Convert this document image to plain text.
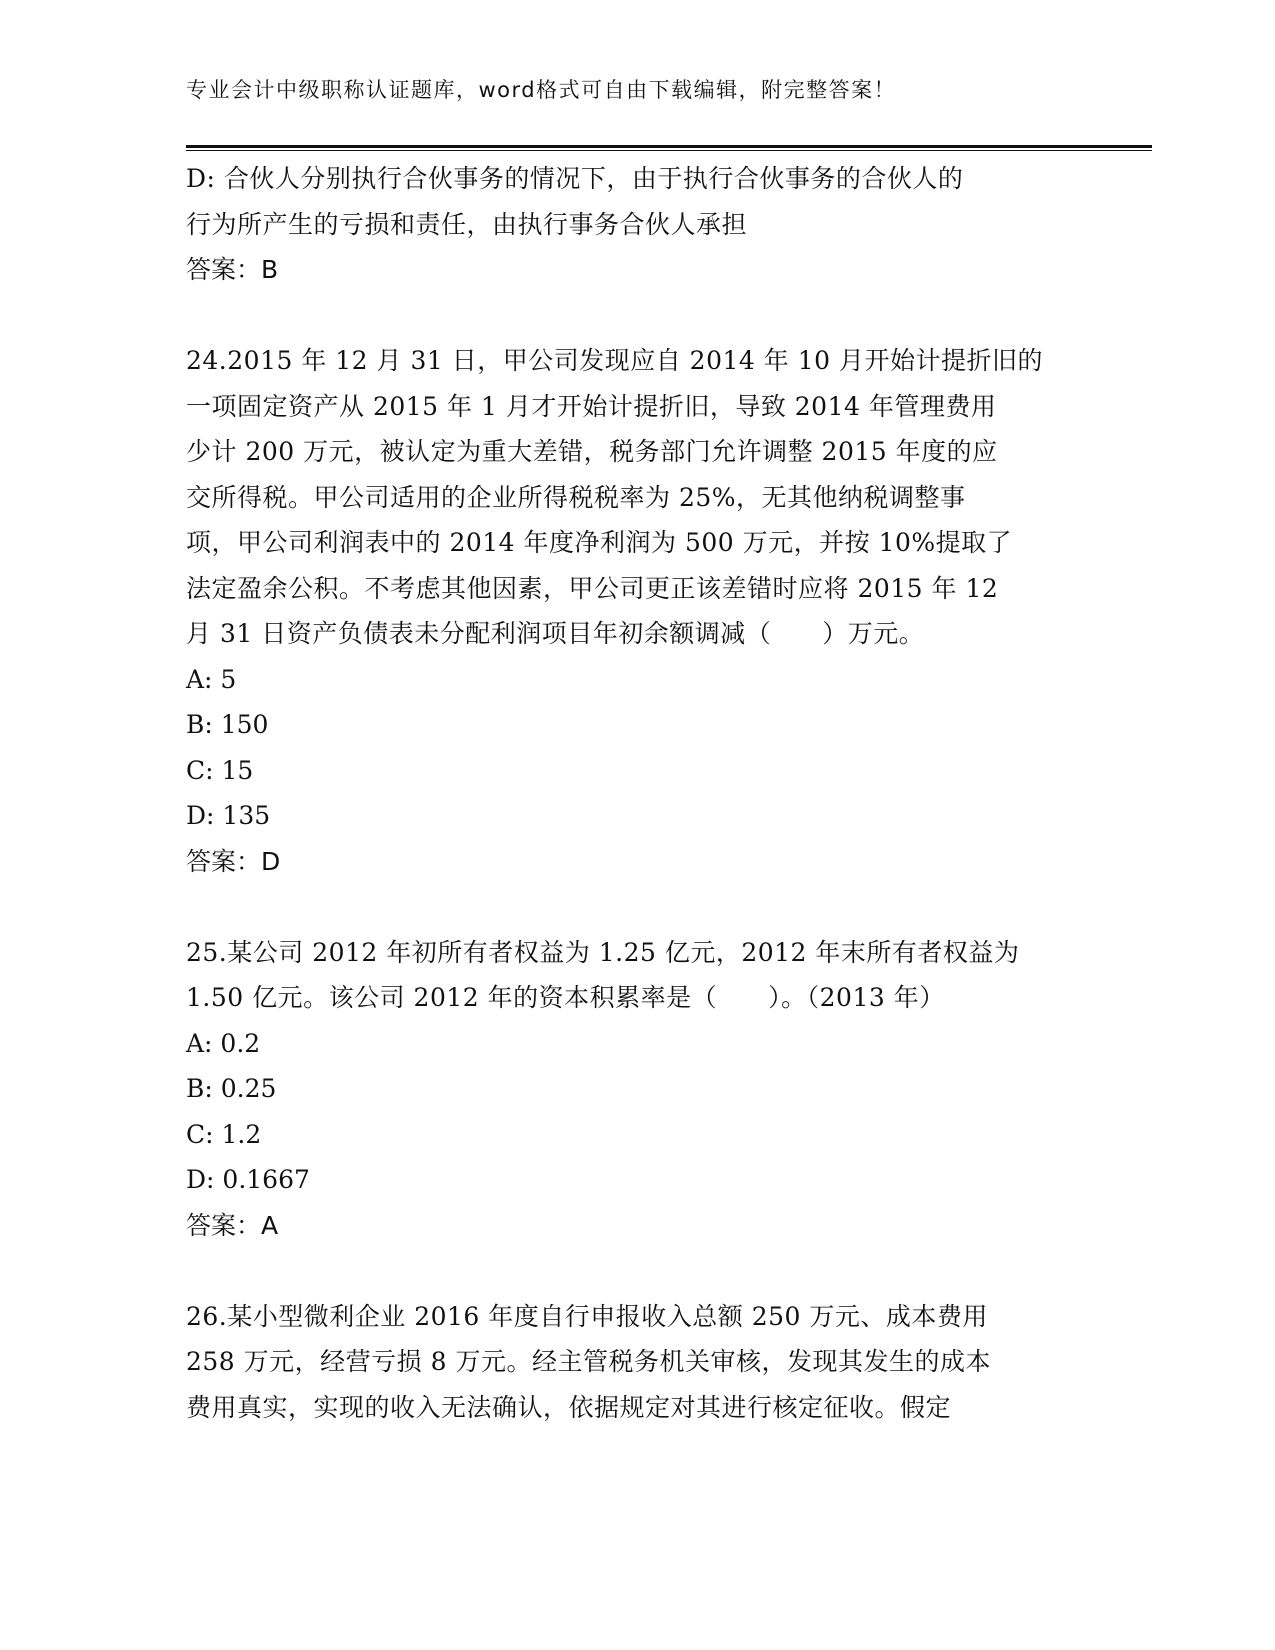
专业会计中级职称认证题库，word格式可自由下载编辑，附完整答案！
D: 合伙人分别执行合伙事务的情况下，由于执行合伙事务的合伙人的
行为所产生的亏损和责任，由执行事务合伙人承担
答案：B
24.2015 年 12 月 31 日，甲公司发现应自 2014 年 10 月开始计提折旧的
一项固定资产从 2015 年 1 月才开始计提折旧，导致 2014 年管理费用
少计 200 万元，被认定为重大差错，税务部门允许调整 2015 年度的应
交所得税。甲公司适用的企业所得税税率为 25%，无其他纳税调整事
项，甲公司利润表中的 2014 年度净利润为 500 万元，并按 10%提取了
法定盈余公积。不考虑其他因素，甲公司更正该差错时应将 2015 年 12
月 31 日资产负债表未分配利润项目年初余额调减（　　）万元。
A: 5
B: 150
C: 15
D: 135
答案：D
25.某公司 2012 年初所有者权益为 1.25 亿元，2012 年末所有者权益为
1.50 亿元。该公司 2012 年的资本积累率是（　　）。（2013 年）
A: 0.2
B: 0.25
C: 1.2
D: 0.1667
答案：A
26.某小型微利企业 2016 年度自行申报收入总额 250 万元、成本费用
258 万元，经营亏损 8 万元。经主管税务机关审核，发现其发生的成本
费用真实，实现的收入无法确认，依据规定对其进行核定征收。假定
